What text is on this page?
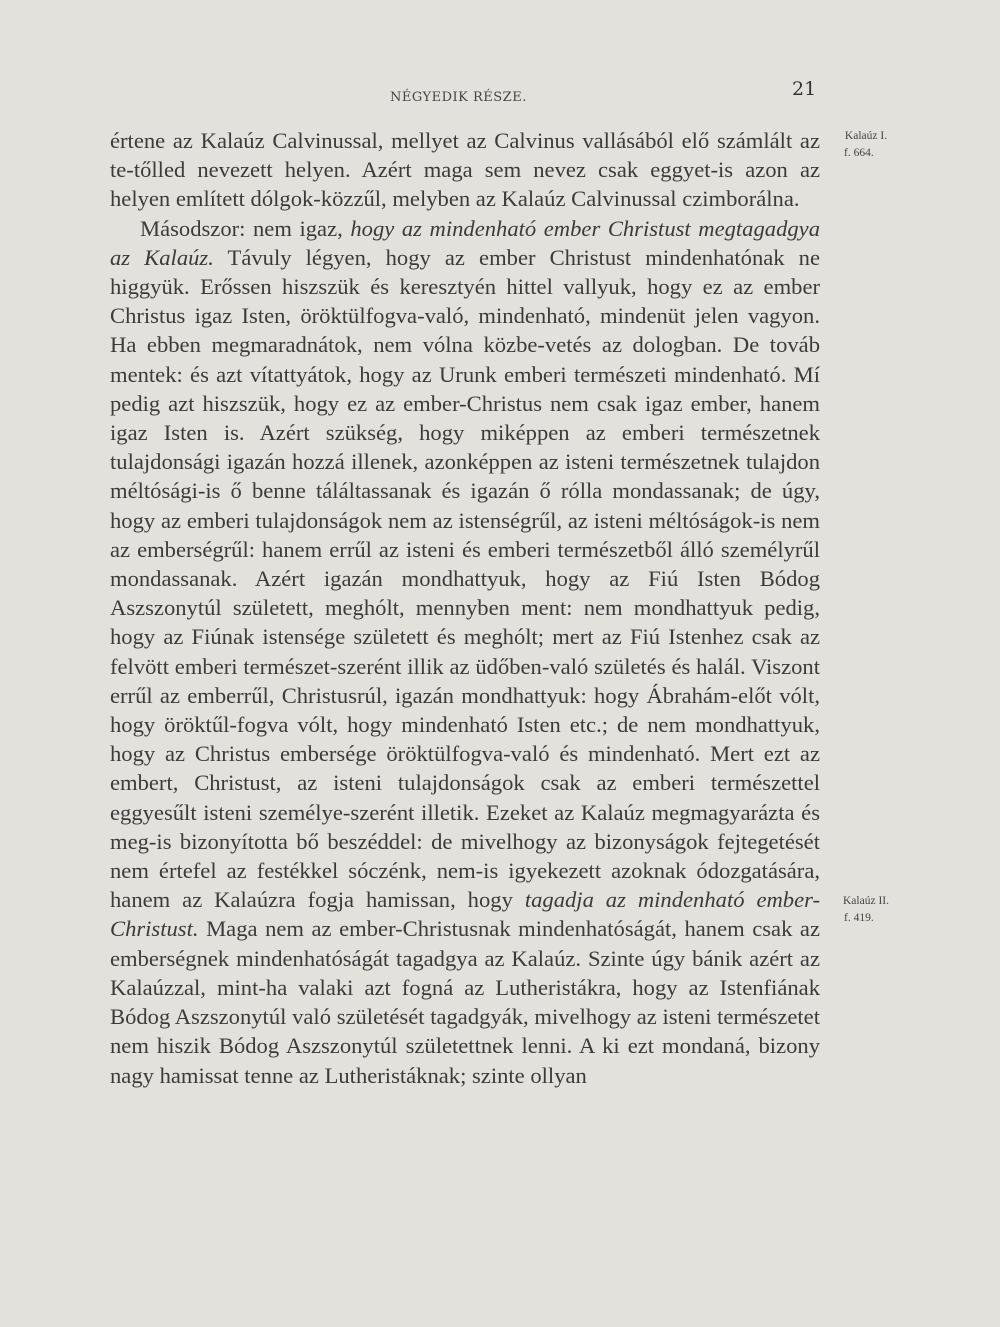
NÉGYEDIK RÉSZE.	21
Kalaúz I.
f. 664.
Kalaúz II.
f. 419.

értene az Kalaúz Calvinussal, mellyet az Calvinus vallásából elő számlált az te-tőlled nevezett helyen. Azért maga sem nevez csak eggyet-is azon az helyen említett dólgok-közzűl, melyben az Kalaúz Calvinussal czimborálna.

Másodszor: nem igaz, hogy az mindenható ember Christust megtagadgya az Kalaúz. Távuly légyen, hogy az ember Christust mindenhatónak ne higgyük. Erőssen hiszszük és keresztyén hittel vallyuk, hogy ez az ember Christus igaz Isten, öröktülfogva-való, mindenható, mindenüt jelen vagyon. Ha ebben megmaradnátok, nem vólna közbe-vetés az dologban. De továb mentek: és azt vítattyátok, hogy az Urunk emberi természeti mindenható. Mí pedig azt hiszszük, hogy ez az ember-Christus nem csak igaz ember, hanem igaz Isten is. Azért szükség, hogy miképpen az emberi természetnek tulajdonsági igazán hozzá illenek, azonképpen az isteni természetnek tulajdon méltósági-is ő benne táláltassanak és igazán ő rólla mondassanak; de úgy, hogy az emberi tulajdonságok nem az istenségrűl, az isteni méltóságok-is nem az emberségrűl: hanem errűl az isteni és emberi természetből álló személyrűl mondassanak. Azért igazán mondhattyuk, hogy az Fiú Isten Bódog Aszszonytúl született, meghólt, mennyben ment: nem mondhattyuk pedig, hogy az Fiúnak istensége született és meghólt; mert az Fiú Istenhez csak az felvött emberi természet-szerént illik az üdőben-való születés és halál. Viszont errűl az emberrűl, Christusrúl, igazán mondhattyuk: hogy Ábrahám-előt vólt, hogy öröktűl-fogva vólt, hogy mindenható Isten etc.; de nem mondhattyuk, hogy az Christus embersége öröktülfogva-való és mindenható. Mert ezt az embert, Christust, az isteni tulajdonságok csak az emberi természettel eggyesűlt isteni személye-szerént illetik. Ezeket az Kalaúz megmagyarázta és meg-is bizonyította bő beszéddel: de mivelhogy az bizonyságok fejtegetését nem értefel az festékkel sóczénk, nem-is igyekezett azoknak ódozgatására, hanem az Kalaúzra fogja hamissan, hogy tagadja az mindenható ember-Christust. Maga nem az ember-Christusnak mindenhatóságát, hanem csak az emberségnek mindenhatóságát tagadgya az Kalaúz. Szinte úgy bánik azért az Kalaúzzal, mint-ha valaki azt fogná az Lutheristákra, hogy az Istenfiának Bódog Aszszonytúl való születését tagadgyák, mivelhogy az isteni természetet nem hiszik Bódog Aszszonytúl születettnek lenni. A ki ezt mondaná, bizony nagy hamissat tenne az Lutheristáknak; szinte ollyan
